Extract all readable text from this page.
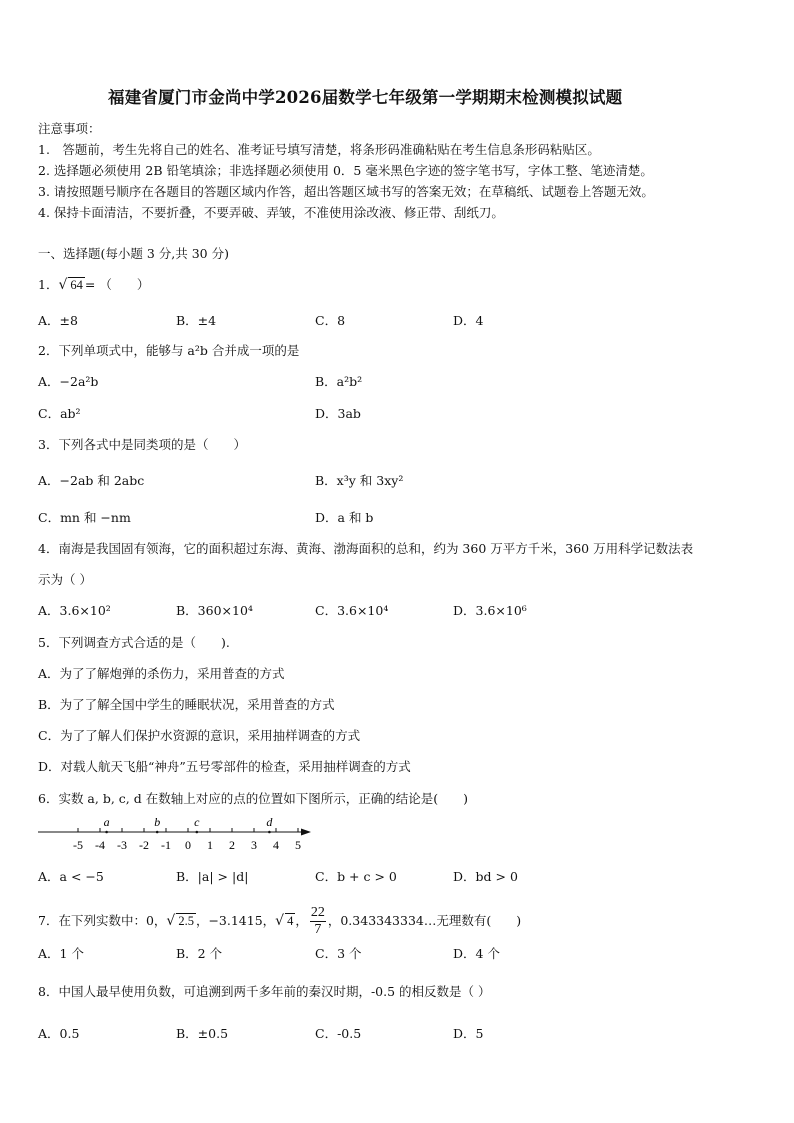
福建省厦门市金尚中学2026届数学七年级第一学期期末检测模拟试题
注意事项：
1.　答题前，考生先将自己的姓名、准考证号填写清楚，将条形码准确粘贴在考生信息条形码粘贴区。
2. 选择题必须使用 2B 铅笔填涂；非选择题必须使用 0．5 毫米黑色字迹的签字笔书写，字体工整、笔迹清楚。
3. 请按照题号顺序在各题目的答题区域内作答，超出答题区域书写的答案无效；在草稿纸、试题卷上答题无效。
4. 保持卡面清洁，不要折叠，不要弄破、弄皱，不准使用涂改液、修正带、刮纸刀。
一、选择题(每小题 3 分,共 30 分)
1．√ 64 = （　　）
A．±8	B．±4	C．8	D．4
2．下列单项式中，能够与 a²b 合并成一项的是
A．−2a²b	B．a²b²
C．ab²	D．3ab
3．下列各式中是同类项的是（　　）
A．−2ab 和 2abc	B．x³y 和 3xy²
C．mn 和 −nm	D．a 和 b
4．南海是我国固有领海，它的面积超过东海、黄海、渤海面积的总和，约为 360 万平方千米，360 万用科学记数法表
示为（ ）
A．3.6×10²	B．360×10⁴	C．3.6×10⁴	D．3.6×10⁶
5．下列调查方式合适的是（　　).
A．为了了解炮弹的杀伤力，采用普查的方式
B．为了了解全国中学生的睡眠状况，采用普查的方式
C．为了了解人们保护水资源的意识，采用抽样调查的方式
D．对载人航天飞船“神舟”五号零部件的检查，采用抽样调查的方式
6．实数 a, b, c, d 在数轴上对应的点的位置如下图所示，正确的结论是(　　)
-5 -4 -3 -2 -1 0 1 2 3 4 5
a	b	c	d
A．a < −5	B．|a| > |d|	C．b + c > 0	D．bd > 0
7．在下列实数中：0，√ 2.5 ，−3.1415，√ 4 ， $\frac{22}{7}$ ，0.343343334…无理数有(　　)
A．1 个	B．2 个	C．3 个	D．4 个
8．中国人最早使用负数，可追溯到两千多年前的秦汉时期，-0.5 的相反数是（ ）
A．0.5	B．±0.5	C．-0.5	D．5
